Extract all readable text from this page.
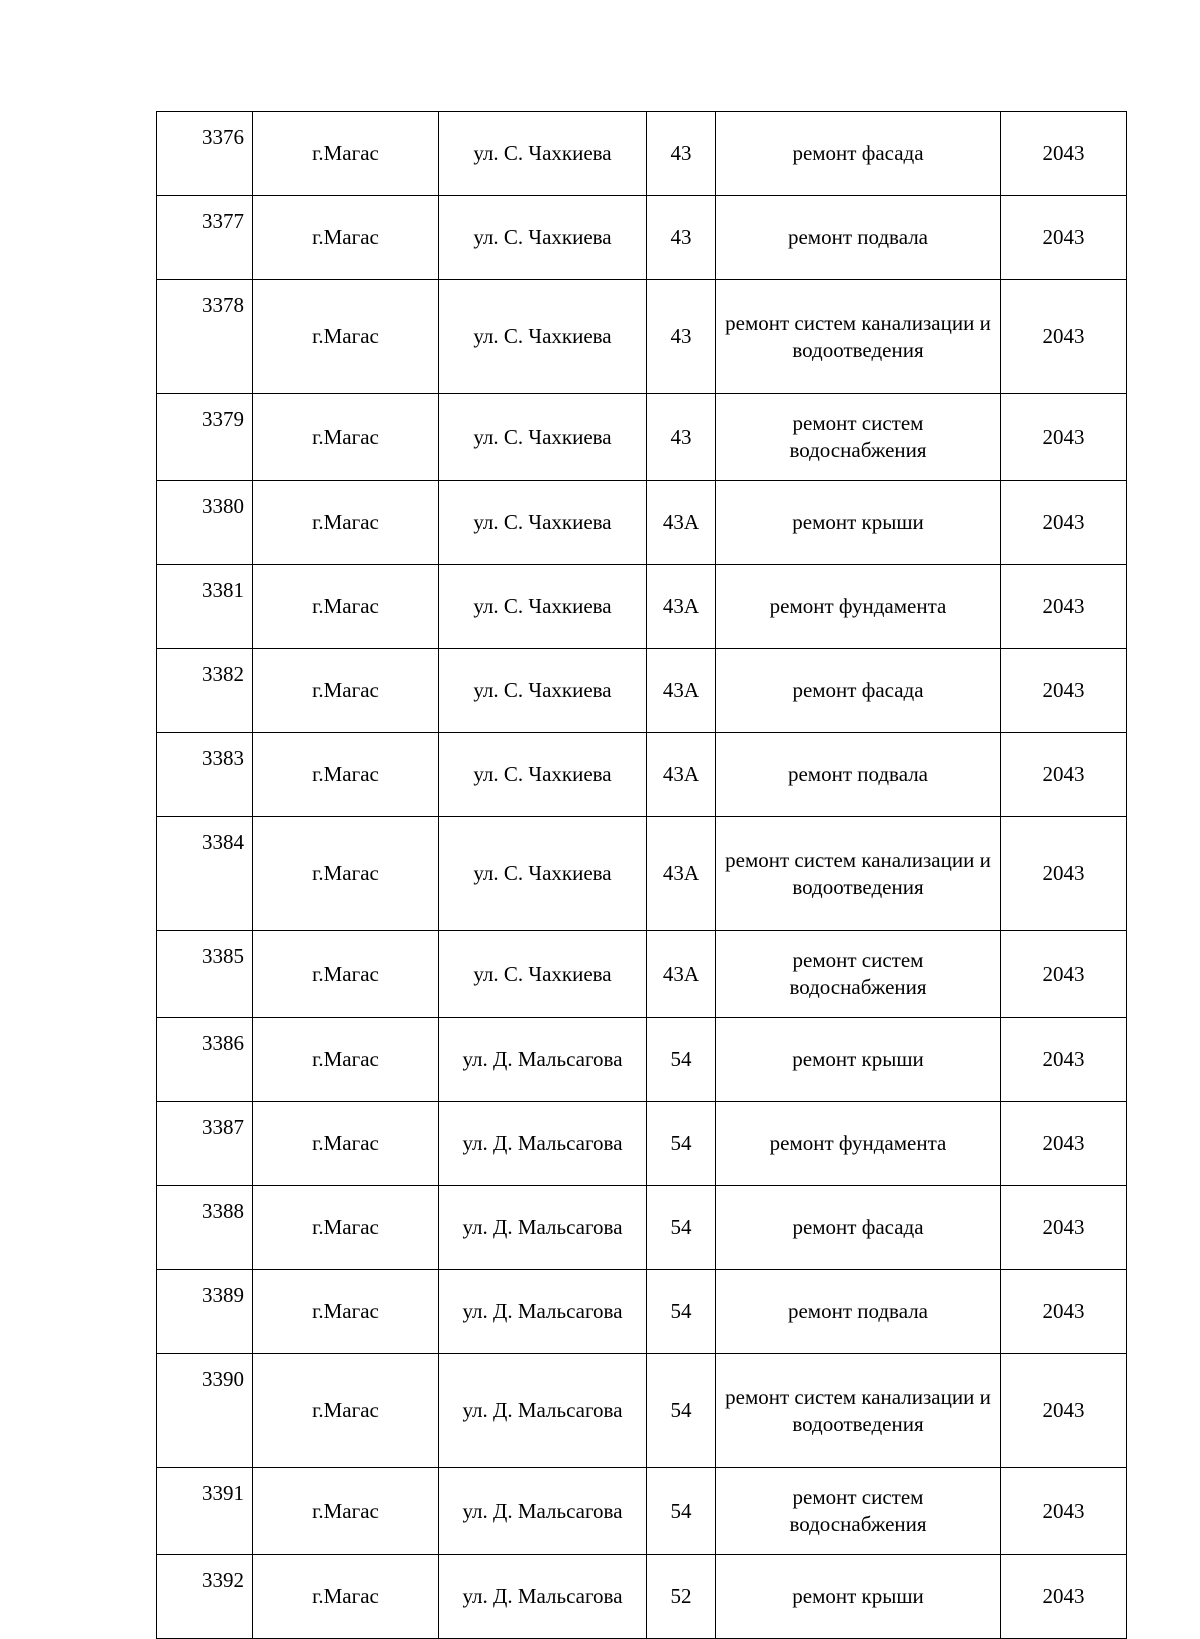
3376	г.Магас	ул. С. Чахкиева	43	ремонт фасада	2043
3377	г.Магас	ул. С. Чахкиева	43	ремонт подвала	2043
3378	г.Магас	ул. С. Чахкиева	43	ремонт систем канализации и водоотведения	2043
3379	г.Магас	ул. С. Чахкиева	43	ремонт систем водоснабжения	2043
3380	г.Магас	ул. С. Чахкиева	43А	ремонт крыши	2043
3381	г.Магас	ул. С. Чахкиева	43А	ремонт фундамента	2043
3382	г.Магас	ул. С. Чахкиева	43А	ремонт фасада	2043
3383	г.Магас	ул. С. Чахкиева	43А	ремонт подвала	2043
3384	г.Магас	ул. С. Чахкиева	43А	ремонт систем канализации и водоотведения	2043
3385	г.Магас	ул. С. Чахкиева	43А	ремонт систем водоснабжения	2043
3386	г.Магас	ул. Д. Мальсагова	54	ремонт крыши	2043
3387	г.Магас	ул. Д. Мальсагова	54	ремонт фундамента	2043
3388	г.Магас	ул. Д. Мальсагова	54	ремонт фасада	2043
3389	г.Магас	ул. Д. Мальсагова	54	ремонт подвала	2043
3390	г.Магас	ул. Д. Мальсагова	54	ремонт систем канализации и водоотведения	2043
3391	г.Магас	ул. Д. Мальсагова	54	ремонт систем водоснабжения	2043
3392	г.Магас	ул. Д. Мальсагова	52	ремонт крыши	2043
